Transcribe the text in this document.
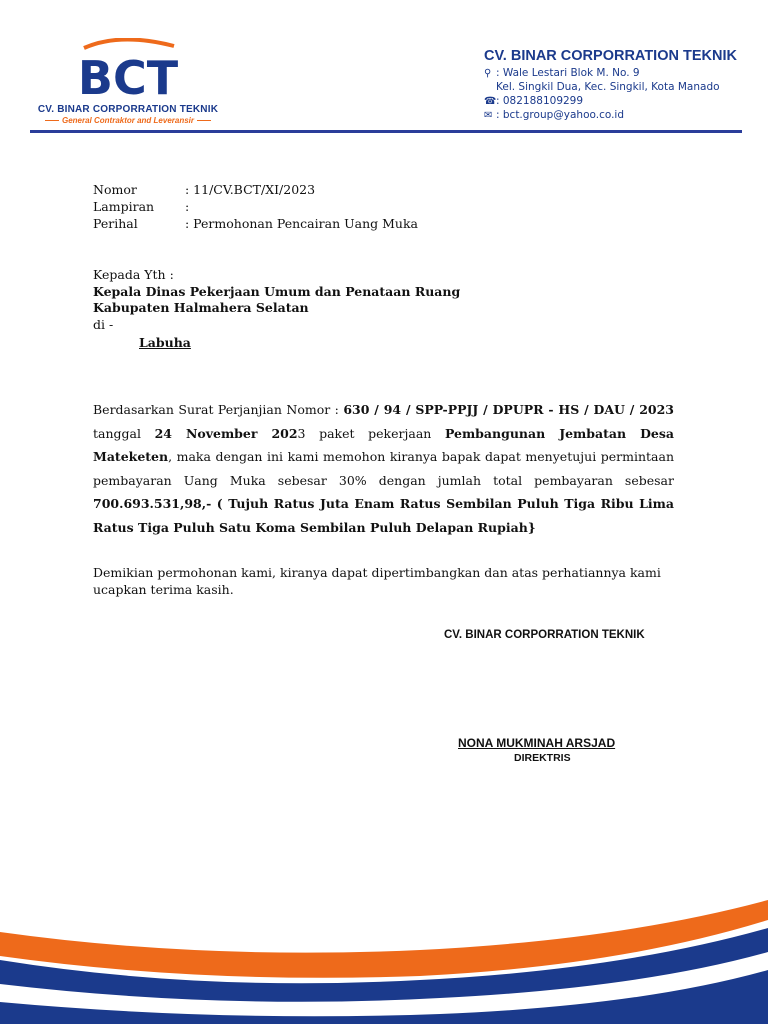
BCT
CV. BINAR CORPORRATION TEKNIK
General Contraktor and Leveransir
CV. BINAR CORPORRATION TEKNIK
⚲ : Wale Lestari Blok M. No. 9
Kel. Singkil Dua, Kec. Singkil, Kota Manado
☎: 082188109299
✉ : bct.group@yahoo.co.id
Nomor	: 11/CV.BCT/XI/2023
Lampiran :
Perihal	: Permohonan Pencairan Uang Muka
Kepada Yth :
Kepala Dinas Pekerjaan Umum dan Penataan Ruang
Kabupaten Halmahera Selatan
di -
Labuha
Berdasarkan Surat Perjanjian Nomor : 630 / 94 / SPP-PPJJ / DPUPR - HS / DAU / 2023 tanggal 24 November 2023 paket pekerjaan Pembangunan Jembatan Desa Mateketen, maka dengan ini kami memohon kiranya bapak dapat menyetujui permintaan pembayaran Uang Muka sebesar 30% dengan jumlah total pembayaran sebesar 700.693.531,98,- ( Tujuh Ratus Juta Enam Ratus Sembilan Puluh Tiga Ribu Lima Ratus Tiga Puluh Satu Koma Sembilan Puluh Delapan Rupiah}
Demikian permohonan kami, kiranya dapat dipertimbangkan dan atas perhatiannya kami ucapkan terima kasih.
CV. BINAR CORPORRATION TEKNIK
NONA MUKMINAH ARSJAD
DIREKTRIS
